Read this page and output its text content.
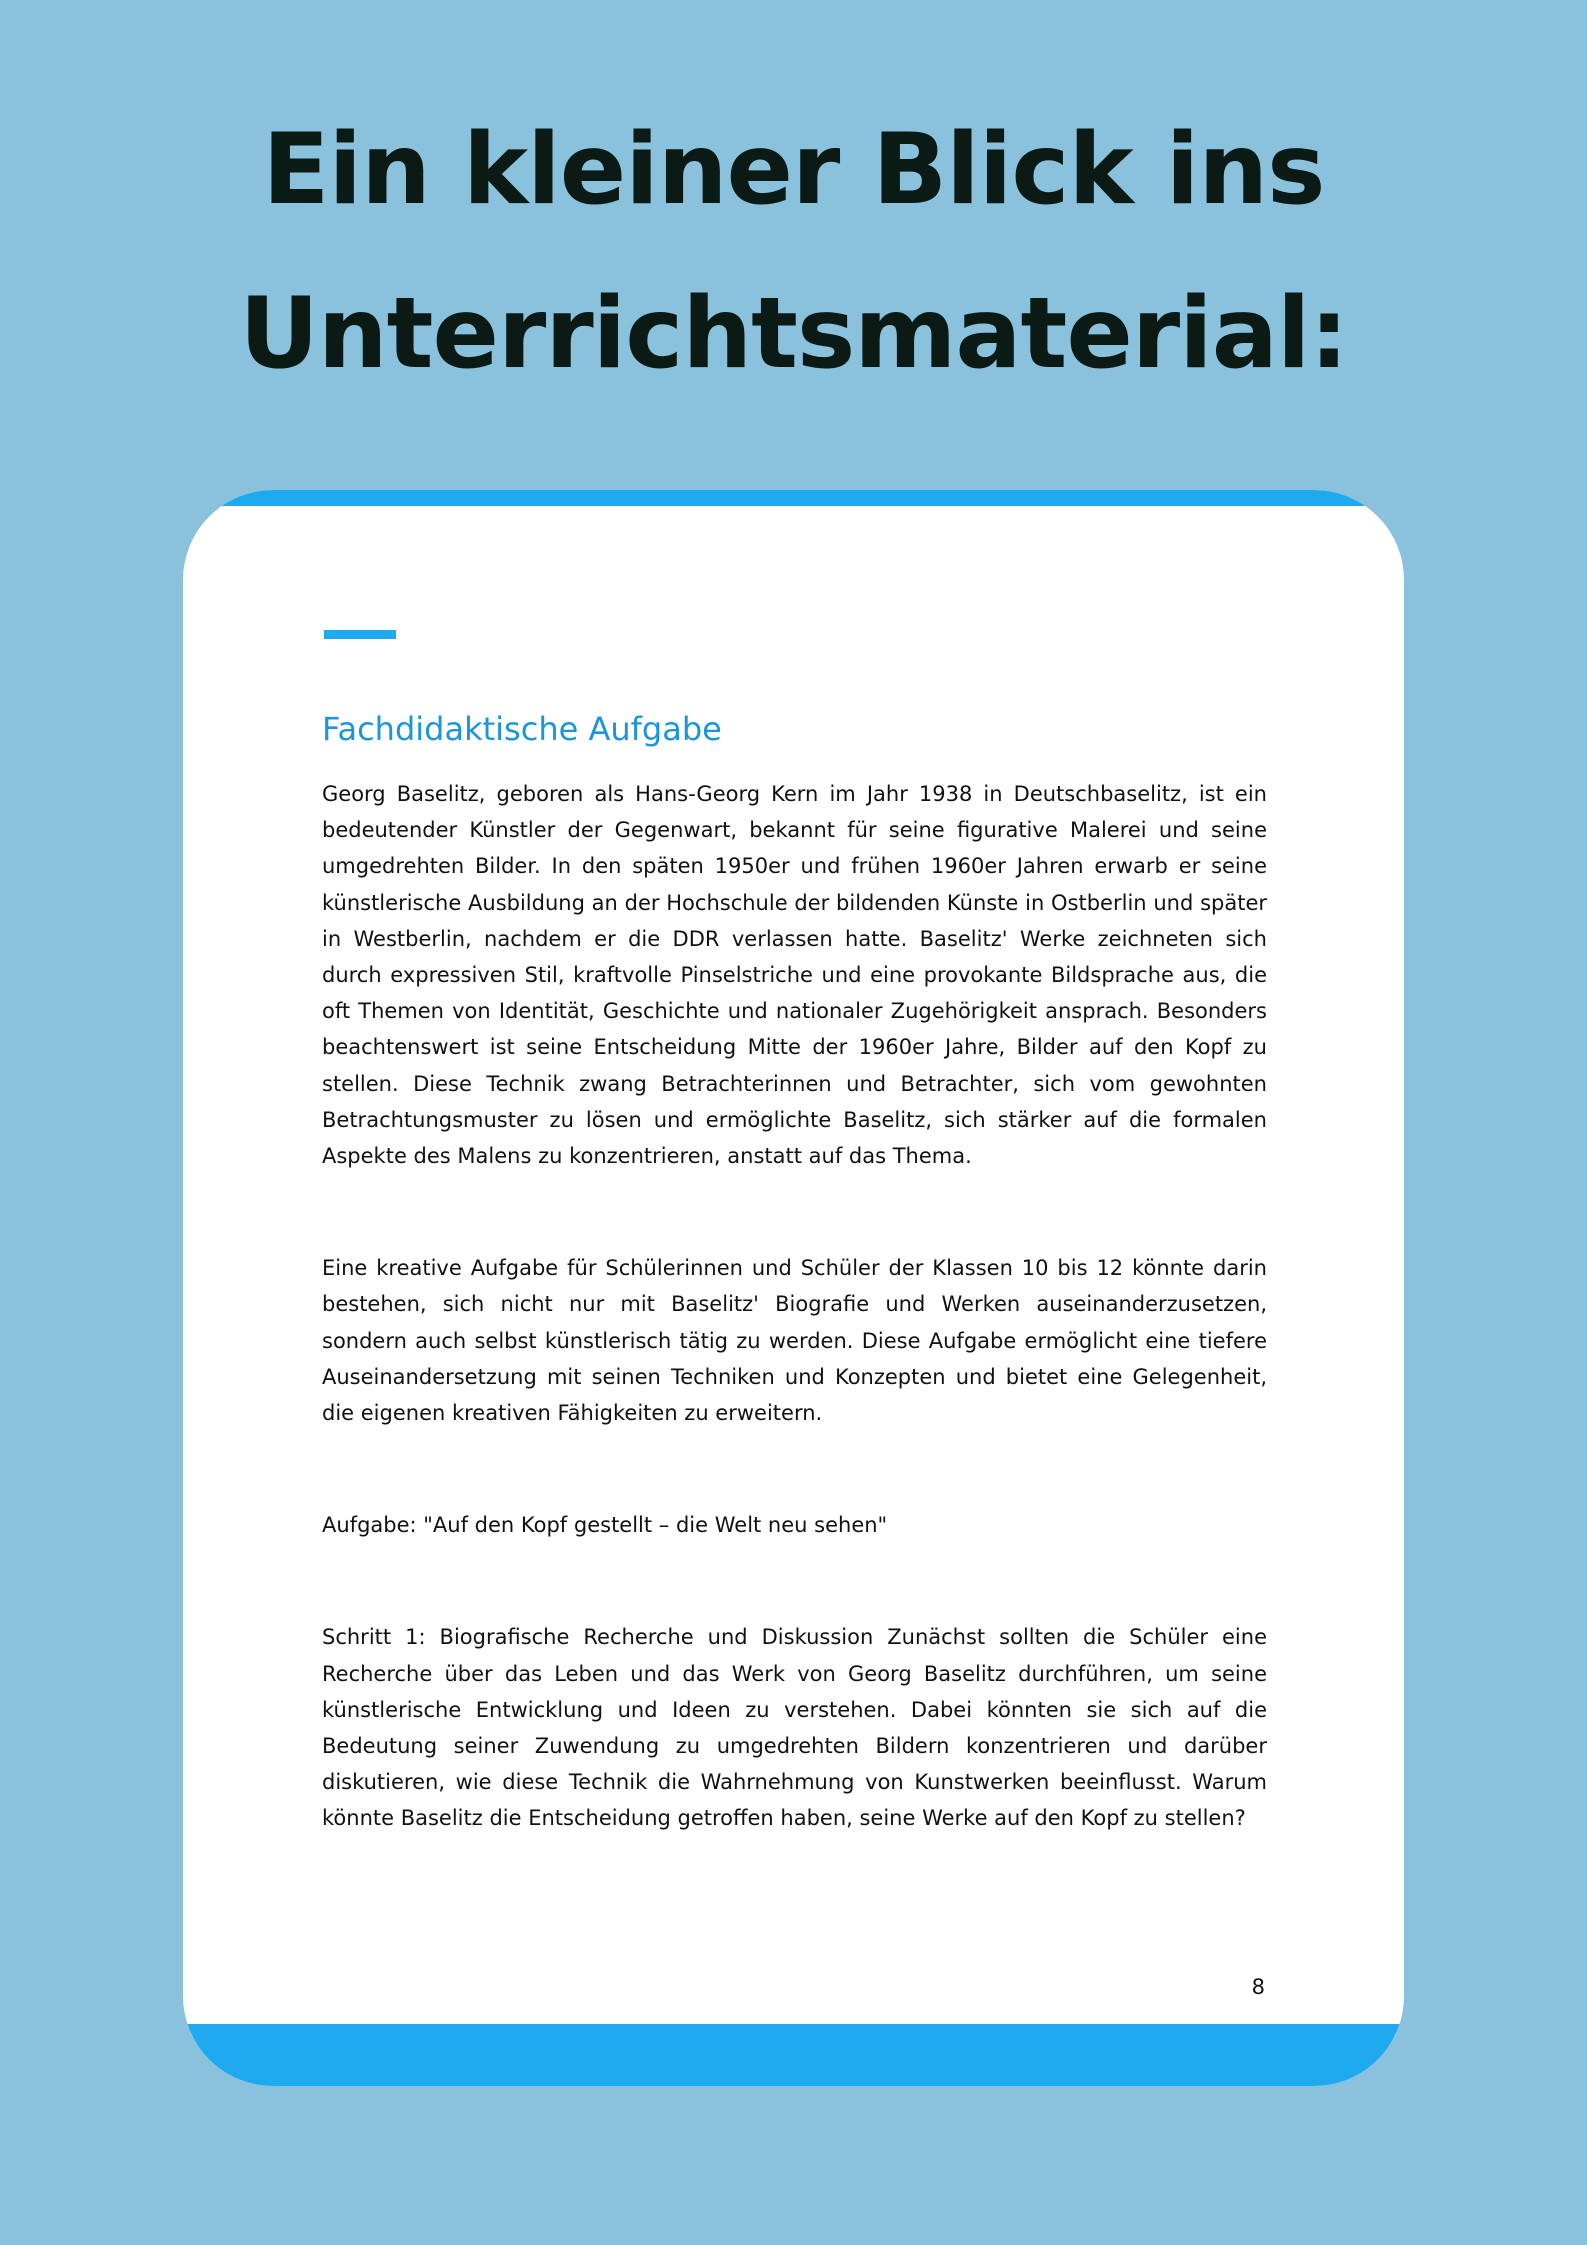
Ein kleiner Blick ins
Unterrichtsmaterial:
Fachdidaktische Aufgabe

Georg Baselitz, geboren als Hans-Georg Kern im Jahr 1938 in Deutschbaselitz, ist ein bedeutender Künstler der Gegenwart, bekannt für seine figurative Malerei und seine umgedrehten Bilder. In den späten 1950er und frühen 1960er Jahren erwarb er seine künstlerische Ausbildung an der Hochschule der bildenden Künste in Ostberlin und später in Westberlin, nachdem er die DDR verlassen hatte. Baselitz' Werke zeichneten sich durch expressiven Stil, kraftvolle Pinselstriche und eine provokante Bildsprache aus, die oft Themen von Identität, Geschichte und nationaler Zugehörigkeit ansprach. Besonders beachtenswert ist seine Entscheidung Mitte der 1960er Jahre, Bilder auf den Kopf zu stellen. Diese Technik zwang Betrachterinnen und Betrachter, sich vom gewohnten Betrachtungsmuster zu lösen und ermöglichte Baselitz, sich stärker auf die formalen Aspekte des Malens zu konzentrieren, anstatt auf das Thema.

Eine kreative Aufgabe für Schülerinnen und Schüler der Klassen 10 bis 12 könnte darin bestehen, sich nicht nur mit Baselitz' Biografie und Werken auseinanderzusetzen, sondern auch selbst künstlerisch tätig zu werden. Diese Aufgabe ermöglicht eine tiefere Auseinandersetzung mit seinen Techniken und Konzepten und bietet eine Gelegenheit, die eigenen kreativen Fähigkeiten zu erweitern.

Aufgabe: "Auf den Kopf gestellt – die Welt neu sehen"

Schritt 1: Biografische Recherche und Diskussion Zunächst sollten die Schüler eine Recherche über das Leben und das Werk von Georg Baselitz durchführen, um seine künstlerische Entwicklung und Ideen zu verstehen. Dabei könnten sie sich auf die Bedeutung seiner Zuwendung zu umgedrehten Bildern konzentrieren und darüber diskutieren, wie diese Technik die Wahrnehmung von Kunstwerken beeinflusst. Warum könnte Baselitz die Entscheidung getroffen haben, seine Werke auf den Kopf zu stellen?

8
